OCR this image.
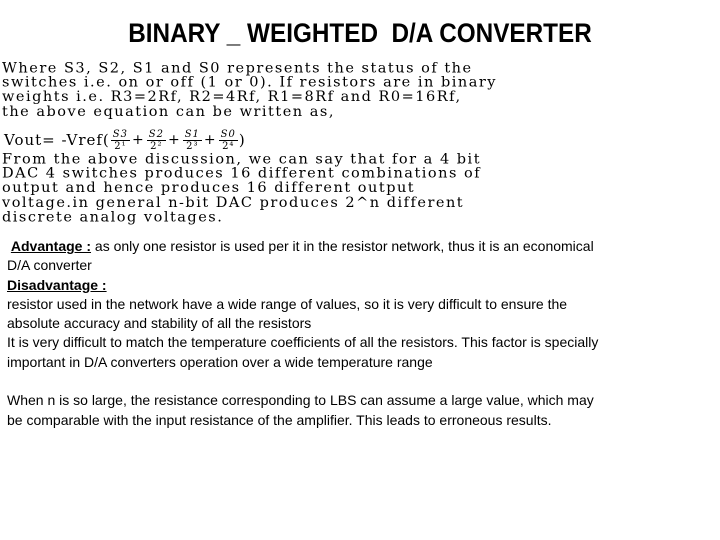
BINARY _ WEIGHTED  D/A CONVERTER
Where S3, S2, S1 and S0 represents the status of the
switches i.e. on or off (1 or 0). If resistors are in binary
weights i.e. R3=2Rf, R2=4Rf, R1=8Rf and R0=16Rf,
the above equation can be written as,
Vout= -Vref( $\frac{S3}{\text{2¹}} + \frac{S2}{\text{2²}} + \frac{S1}{\text{2³}} + \frac{S0}{\text{2⁴}}$ )
From the above discussion, we can say that for a 4 bit
DAC 4 switches produces 16 different combinations of
output and hence produces 16 different output
voltage.in general n-bit DAC produces 2^n different
discrete analog voltages.
Advantage : as only one resistor is used per it in the resistor network, thus it is an economical
D/A converter
Disadvantage :
resistor used in the network have a wide range of values, so it is very difficult to ensure the
absolute accuracy and stability of all the resistors
It is very difficult to match the temperature coefficients of all the resistors. This factor is specially
important in D/A converters operation over a wide temperature range
When n is so large, the resistance corresponding to LBS can assume a large value, which may
be comparable with the input resistance of the amplifier. This leads to erroneous results.
